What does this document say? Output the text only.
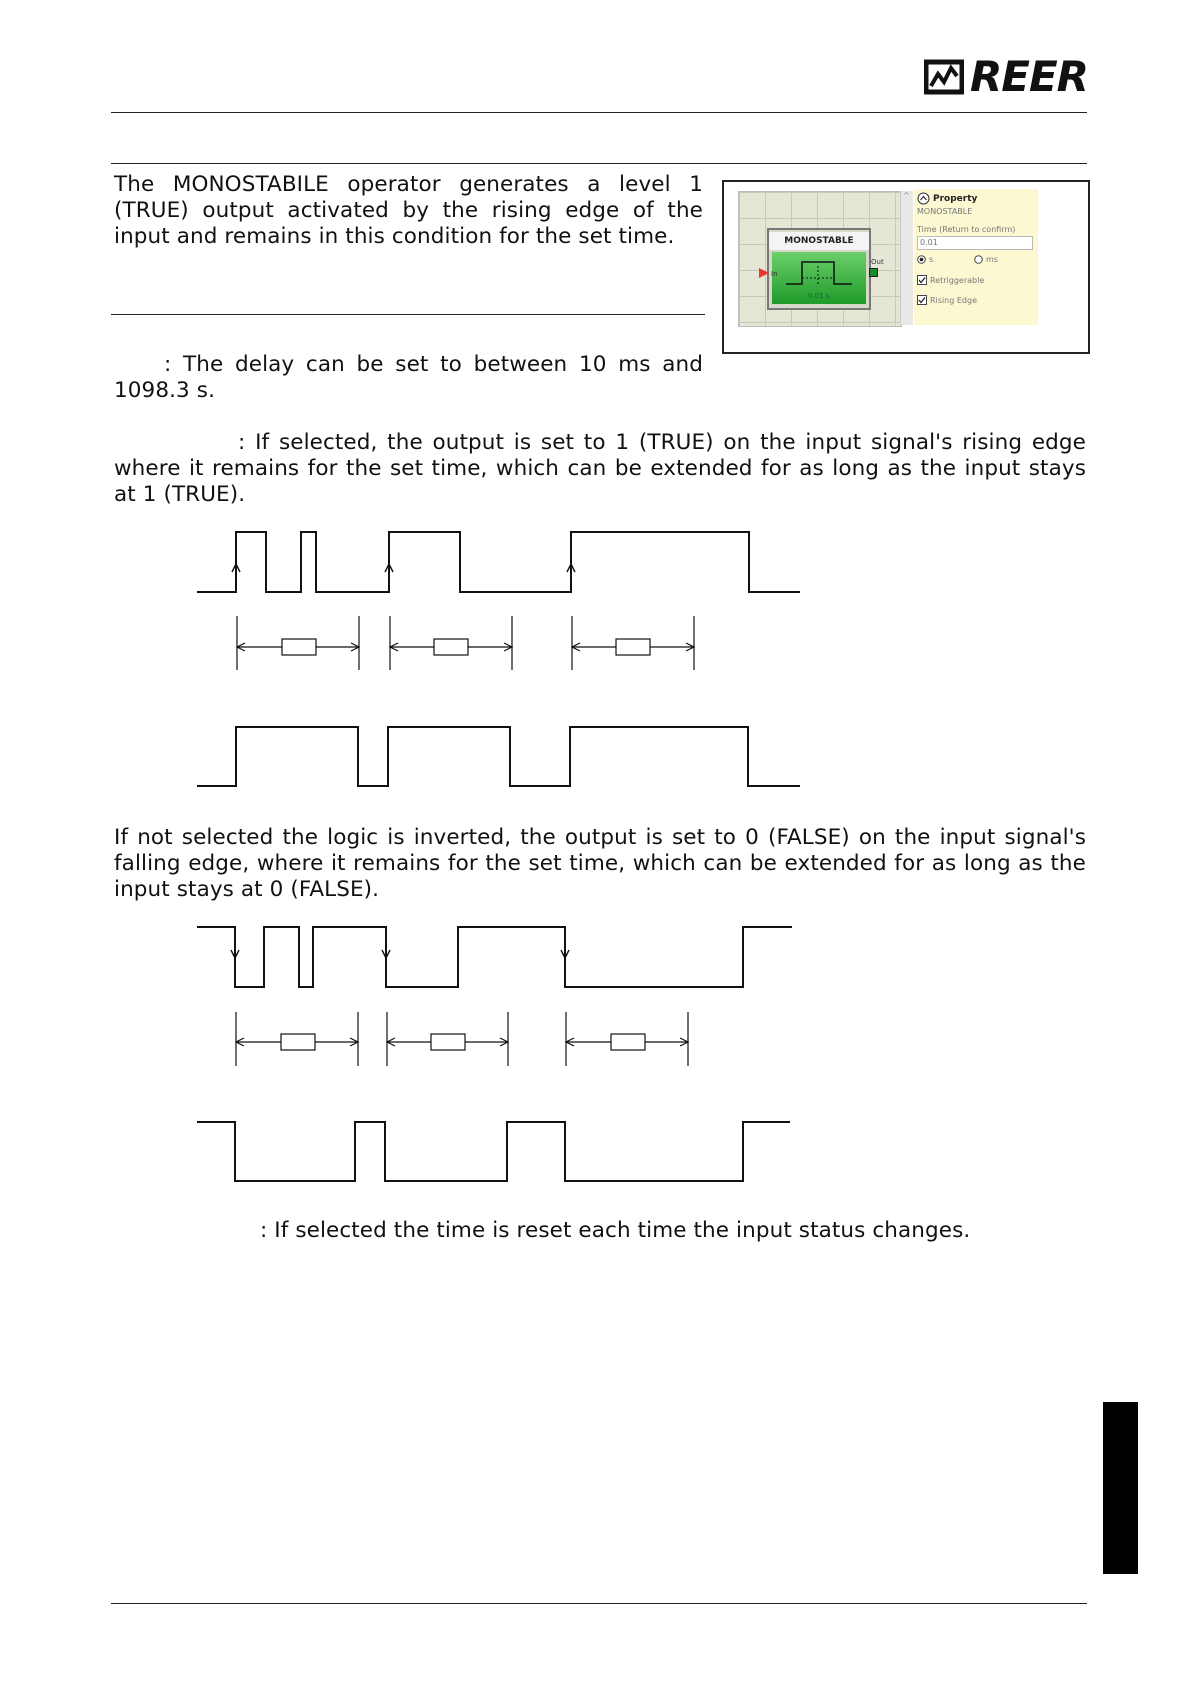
REER
The MONOSTABILE operator generates a level 1 (TRUE) output activated by the rising edge of the input and remains in this condition for the set time.	MONOSTABLE
0.01 s
In
Out
^	Property
MONOSTABLE
Time (Return to confirm)
0.01
s	ms
Retriggerable
Rising Edge
: The delay can be set to between 10 ms and 1098.3 s.
: If selected, the output is set to 1 (TRUE) on the input signal's rising edge where it remains for the set time, which can be extended for as long as the input stays at 1 (TRUE).
If not selected the logic is inverted, the output is set to 0 (FALSE) on the input signal's falling edge, where it remains for the set time, which can be extended for as long as the input stays at 0 (FALSE).
: If selected the time is reset each time the input status changes.
